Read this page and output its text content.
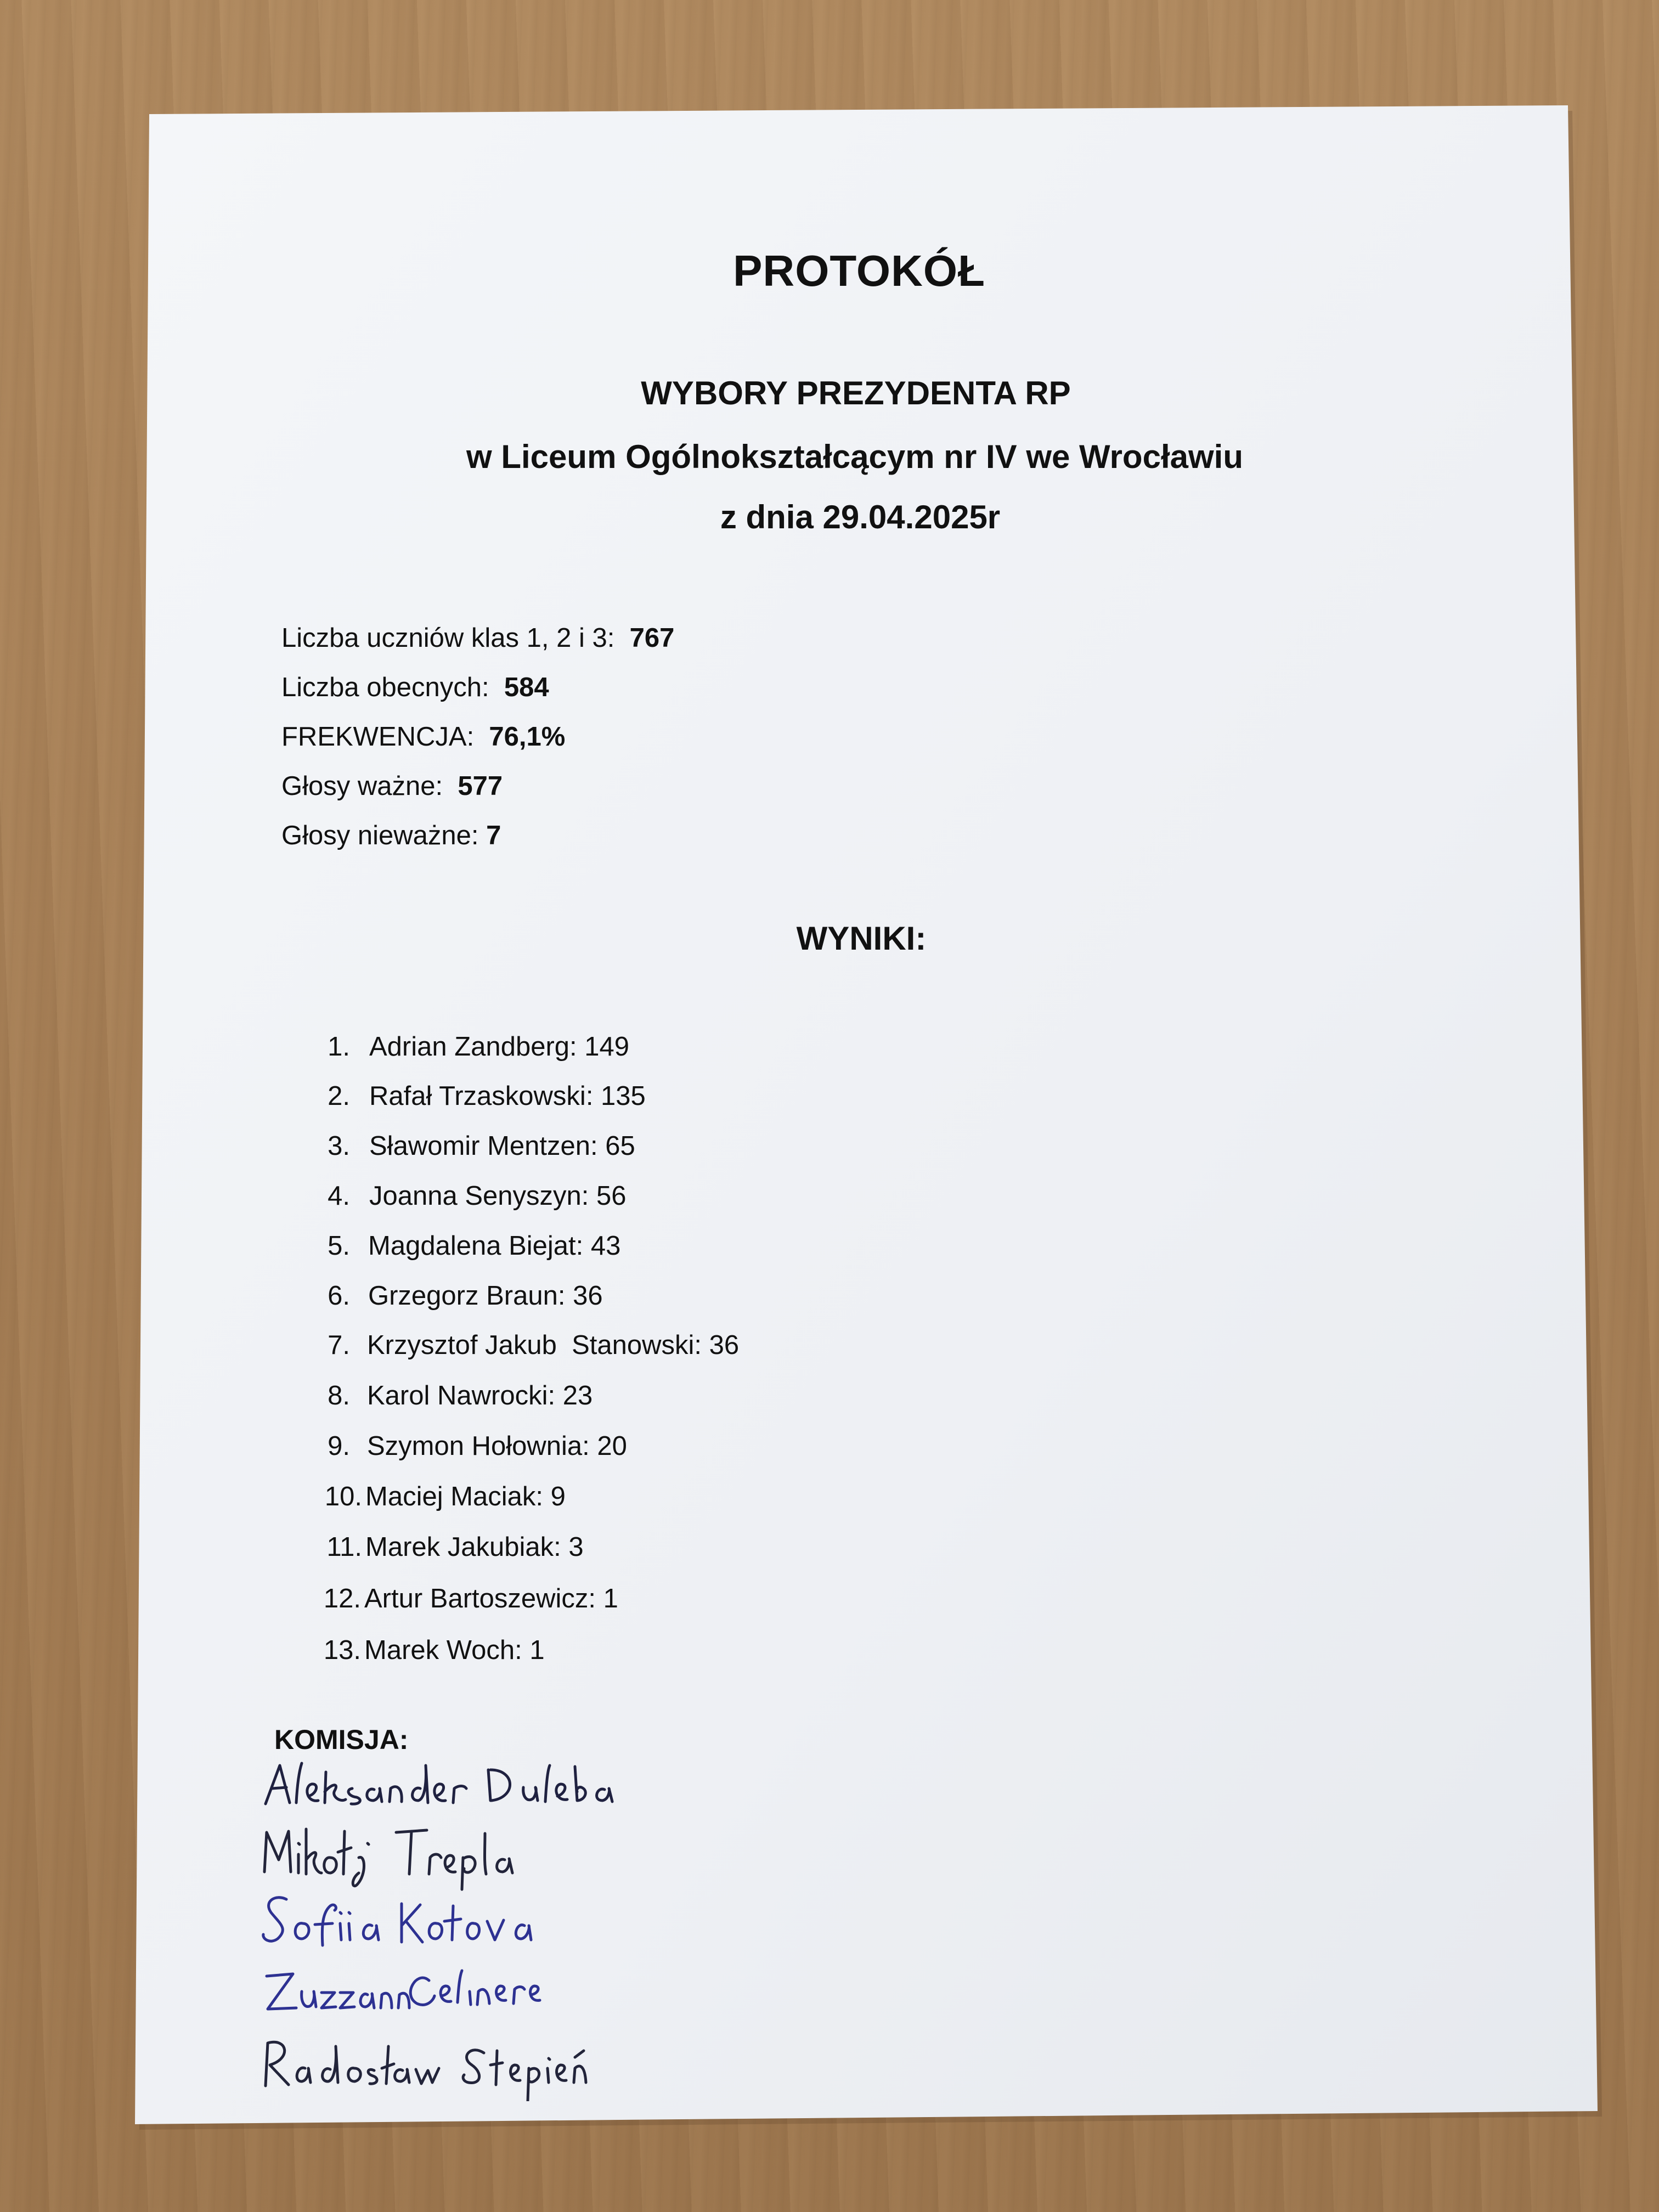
PROTOKÓŁ
WYBORY PREZYDENTA RP
w Liceum Ogólnokształcącym nr IV we Wrocławiu
z dnia 29.04.2025r
Liczba uczniów klas 1, 2 i 3: 767
Liczba obecnych: 584
FREKWENCJA: 76,1%
Głosy ważne: 577
Głosy nieważne: 7
WYNIKI:
1. Adrian Zandberg: 149
2. Rafał Trzaskowski: 135
3. Sławomir Mentzen: 65
4. Joanna Senyszyn: 56
5. Magdalena Biejat: 43
6. Grzegorz Braun: 36
7. Krzysztof Jakub  Stanowski: 36
8. Karol Nawrocki: 23
9. Szymon Hołownia: 20
10. Maciej Maciak: 9
11. Marek Jakubiak: 3
12. Artur Bartoszewicz: 1
13. Marek Woch: 1
KOMISJA:
